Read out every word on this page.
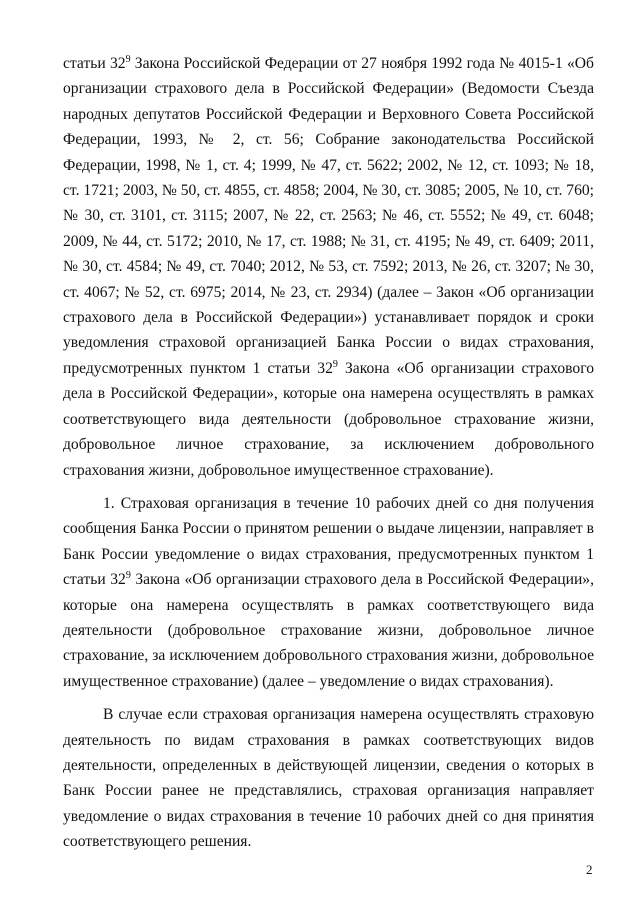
статьи $32^9$ Закона Российской Федерации от 27 ноября 1992 года № 4015-1 «Об организации страхового дела в Российской Федерации» (Ведомости Съезда народных депутатов Российской Федерации и Верховного Совета Российской Федерации, 1993, № 2, ст. 56; Собрание законодательства Российской Федерации, 1998, № 1, ст. 4; 1999, № 47, ст. 5622; 2002, № 12, ст. 1093; № 18, ст. 1721; 2003, № 50, ст. 4855, ст. 4858; 2004, № 30, ст. 3085; 2005, № 10, ст. 760; № 30, ст. 3101, ст. 3115; 2007, № 22, ст. 2563; № 46, ст. 5552; № 49, ст. 6048; 2009, № 44, ст. 5172; 2010, № 17, ст. 1988; № 31, ст. 4195; № 49, ст. 6409; 2011, № 30, ст. 4584; № 49, ст. 7040; 2012, № 53, ст. 7592; 2013, № 26, ст. 3207; № 30, ст. 4067; № 52, ст. 6975; 2014, № 23, ст. 2934) (далее – Закон «Об организации страхового дела в Российской Федерации») устанавливает порядок и сроки уведомления страховой организацией Банка России о видах страхования, предусмотренных пунктом 1 статьи $32^9$ Закона «Об организации страхового дела в Российской Федерации», которые она намерена осуществлять в рамках соответствующего вида деятельности (добровольное страхование жизни, добровольное личное страхование, за исключением добровольного страхования жизни, добровольное имущественное страхование).

1. Страховая организация в течение 10 рабочих дней со дня получения сообщения Банка России о принятом решении о выдаче лицензии, направляет в Банк России уведомление о видах страхования, предусмотренных пунктом 1 статьи $32^9$ Закона «Об организации страхового дела в Российской Федерации», которые она намерена осуществлять в рамках соответствующего вида деятельности (добровольное страхование жизни, добровольное личное страхование, за исключением добровольного страхования жизни, добровольное имущественное страхование) (далее – уведомление о видах страхования).

В случае если страховая организация намерена осуществлять страховую деятельность по видам страхования в рамках соответствующих видов деятельности, определенных в действующей лицензии, сведения о которых в Банк России ранее не представлялись, страховая организация направляет уведомление о видах страхования в течение 10 рабочих дней со дня принятия соответствующего решения.

2
